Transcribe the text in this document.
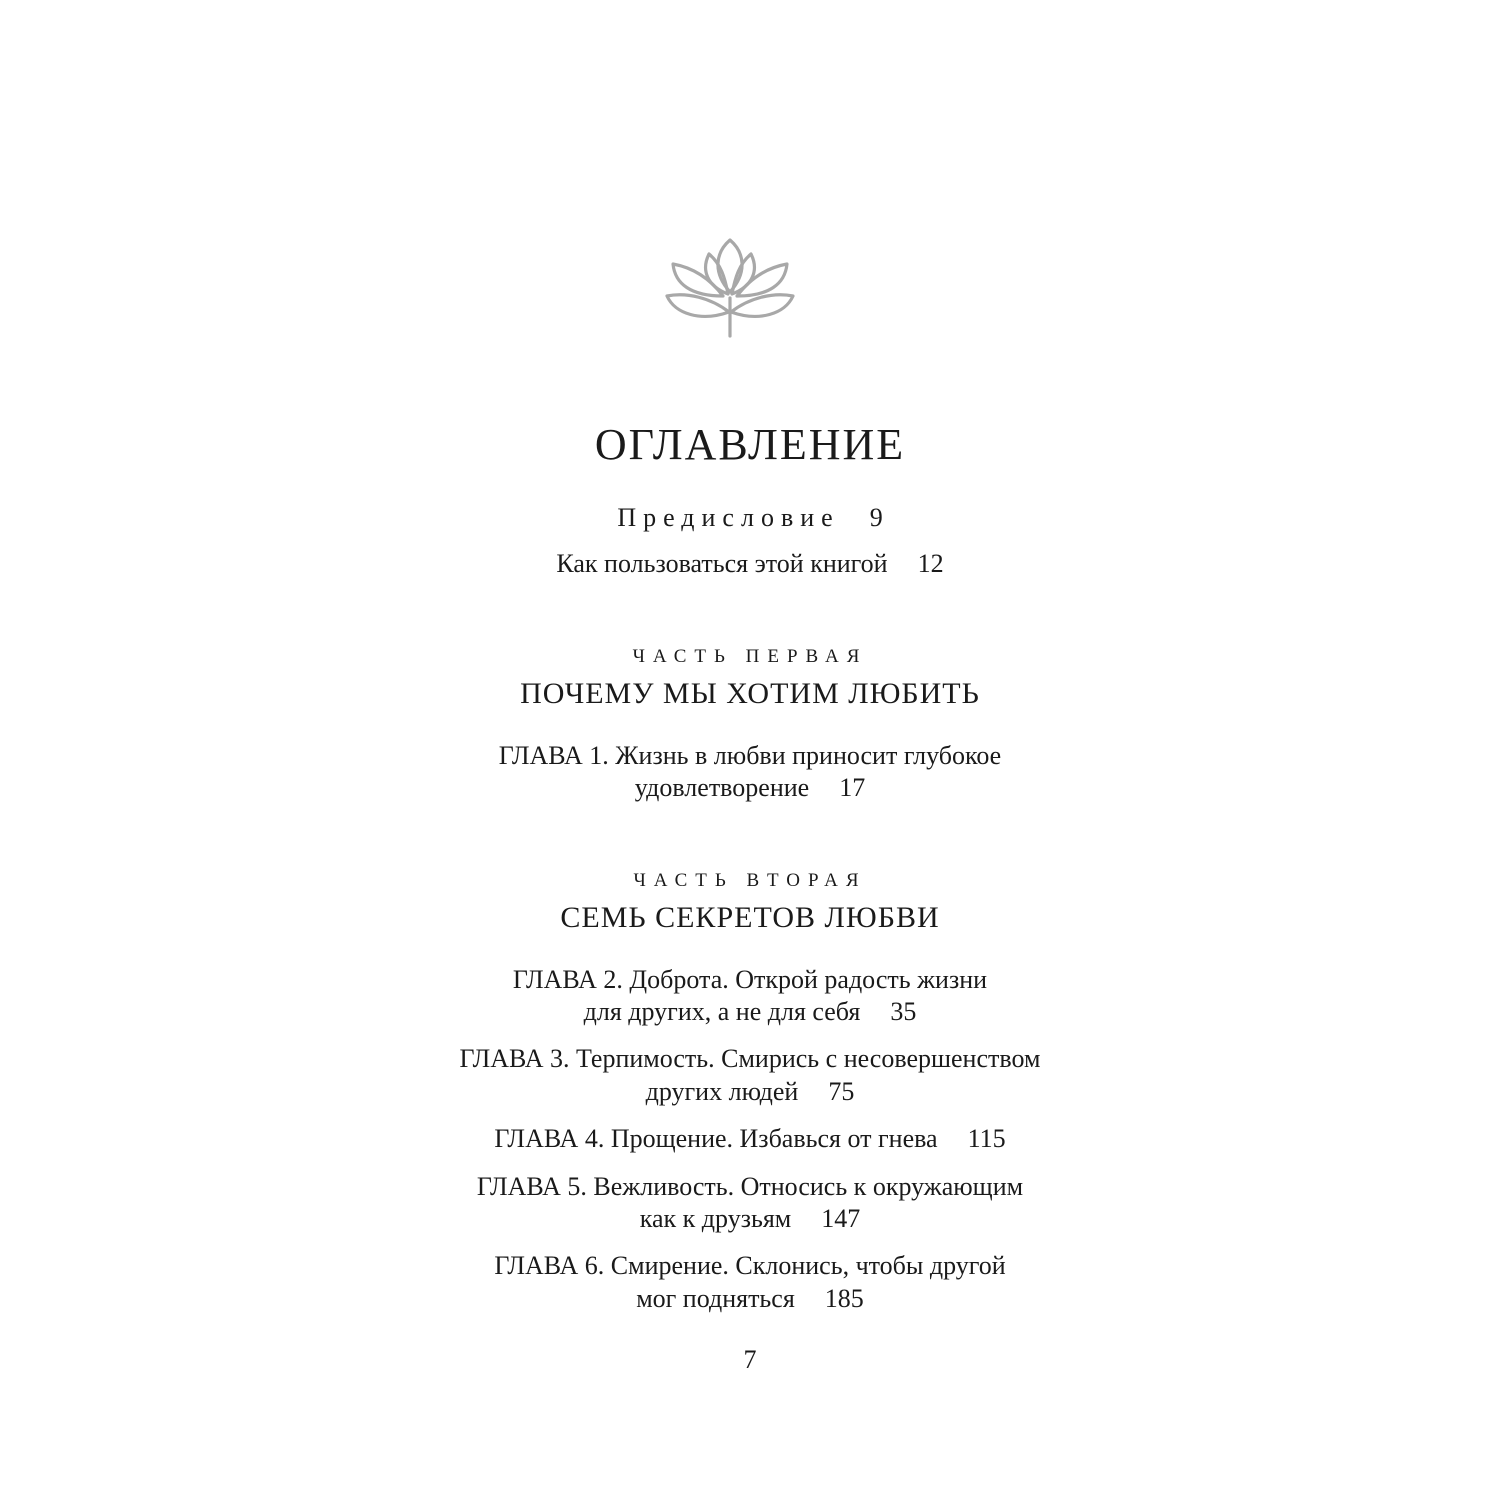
ОГЛАВЛЕНИЕ
Предисловие 9
Как пользоваться этой книгой 12
ЧАСТЬ ПЕРВАЯ
ПОЧЕМУ МЫ ХОТИМ ЛЮБИТЬ
ГЛАВА 1. Жизнь в любви приносит глубокое
удовлетворение 17
ЧАСТЬ ВТОРАЯ
СЕМЬ СЕКРЕТОВ ЛЮБВИ
ГЛАВА 2. Доброта. Открой радость жизни
для других, а не для себя 35
ГЛАВА 3. Терпимость. Смирись с несовершенством
других людей 75
ГЛАВА 4. Прощение. Избавься от гнева 115
ГЛАВА 5. Вежливость. Относись к окружающим
как к друзьям 147
ГЛАВА 6. Смирение. Склонись, чтобы другой
мог подняться 185
7
